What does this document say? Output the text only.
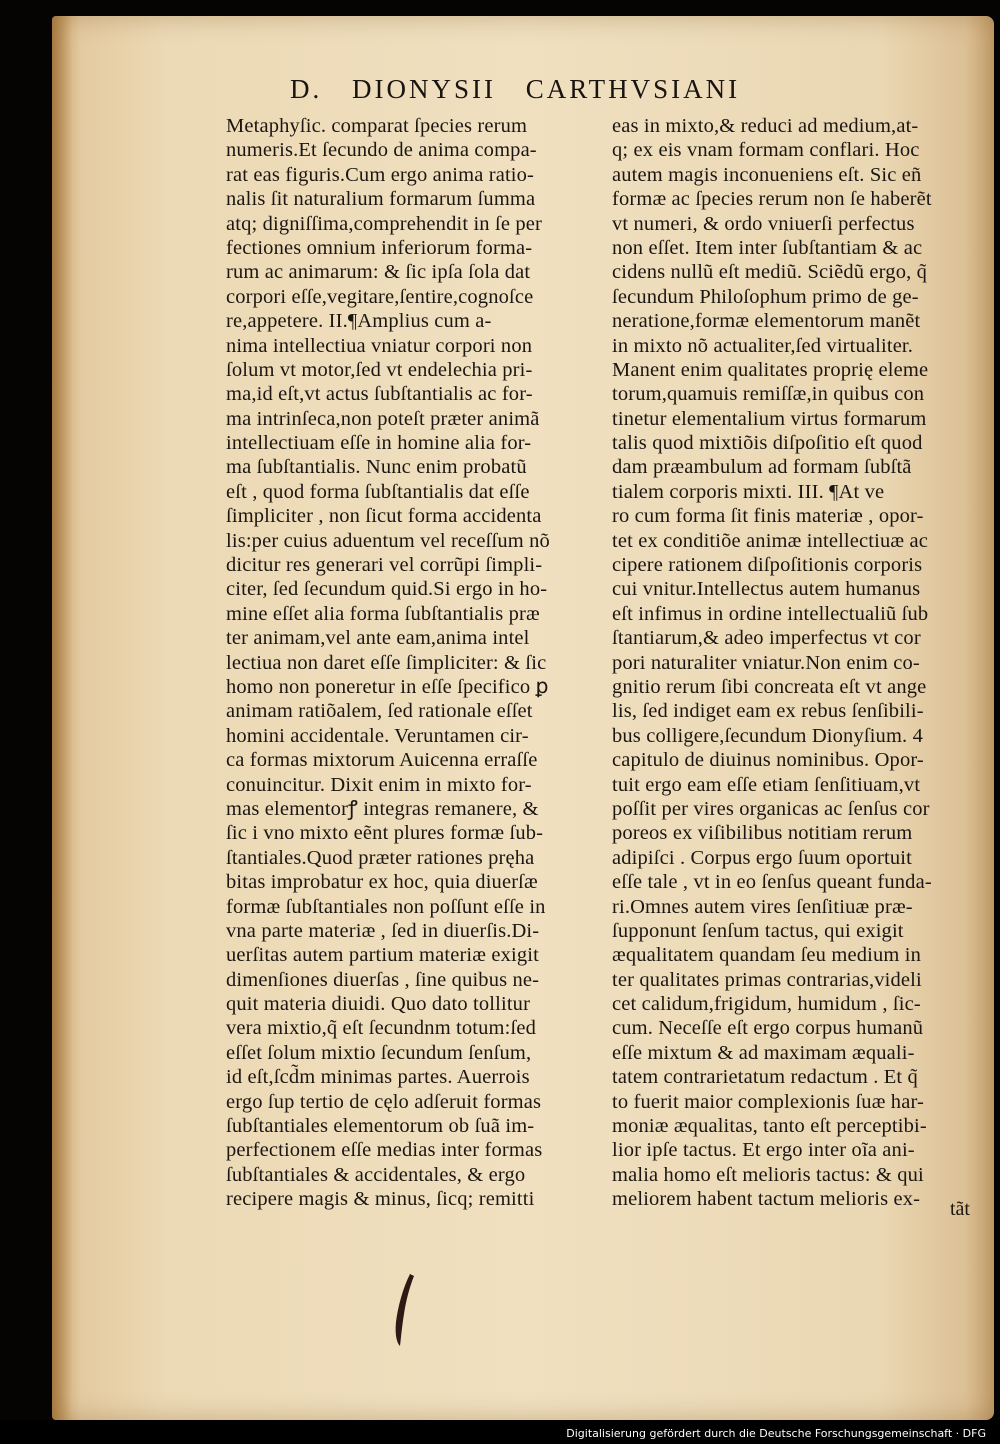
D. DIONYSII CARTHVSIANI
Metaphyſic. comparat ſpecies rerum
numeris.Et ſecundo de anima compa-
rat eas figuris.Cum ergo anima ratio-
nalis ſit naturalium formarum ſumma
atq; digniſſima,comprehendit in ſe per
fectiones omnium inferiorum forma-
rum ac animarum: & ſic ipſa ſola dat
corpori eſſe,vegitare,ſentire,cognoſce
re,appetere. II.¶Amplius cum a-
nima intellectiua vniatur corpori non
ſolum vt motor,ſed vt endelechia pri-
ma,id eſt,vt actus ſubſtantialis ac for-
ma intrinſeca,non poteſt præter animã
intellectiuam eſſe in homine alia for-
ma ſubſtantialis. Nunc enim probatũ
eſt , quod forma ſubſtantialis dat eſſe
ſimpliciter , non ſicut forma accidenta
lis:per cuius aduentum vel receſſum nõ
dicitur res generari vel corrũpi ſimpli-
citer, ſed ſecundum quid.Si ergo in ho-
mine eſſet alia forma ſubſtantialis præ
ter animam,vel ante eam,anima intel
lectiua non daret eſſe ſimpliciter: & ſic
homo non poneretur in eſſe ſpecifico ꝑ
animam ratiõalem, ſed rationale eſſet
homini accidentale. Veruntamen cir-
ca formas mixtorum Auicenna erraſſe
conuincitur. Dixit enim in mixto for-
mas elementorꝭ integras remanere, &
ſic i vno mixto eẽnt plures formæ ſub-
ſtantiales.Quod præter rationes pręha
bitas improbatur ex hoc, quia diuerſæ
formæ ſubſtantiales non poſſunt eſſe in
vna parte materiæ , ſed in diuerſis.Di-
uerſitas autem partium materiæ exigit
dimenſiones diuerſas , ſine quibus ne-
quit materia diuidi. Quo dato tollitur
vera mixtio,q̃ eſt ſecundnm totum:ſed
eſſet ſolum mixtio ſecundum ſenſum,
id eſt,ſcd̃m minimas partes. Auerrois
ergo ſup tertio de cęlo adſeruit formas
ſubſtantiales elementorum ob ſuã im-
perfectionem eſſe medias inter formas
ſubſtantiales & accidentales, & ergo
recipere magis & minus, ſicq; remitti
eas in mixto,& reduci ad medium,at-
q; ex eis vnam formam conflari. Hoc
autem magis inconueniens eſt. Sic eñ
formæ ac ſpecies rerum non ſe haberẽt
vt numeri, & ordo vniuerſi perfectus
non eſſet. Item inter ſubſtantiam & ac
cidens nullũ eſt mediũ. Sciẽdũ ergo, q̃
ſecundum Philoſophum primo de ge-
neratione,formæ elementorum manẽt
in mixto nõ actualiter,ſed virtualiter.
Manent enim qualitates proprię eleme
torum,quamuis remiſſæ,in quibus con
tinetur elementalium virtus formarum
talis quod mixtiõis diſpoſitio eſt quod
dam præambulum ad formam ſubſtã
tialem corporis mixti. III. ¶At ve
ro cum forma ſit finis materiæ , opor-
tet ex conditiõe animæ intellectiuæ ac
cipere rationem diſpoſitionis corporis
cui vnitur.Intellectus autem humanus
eſt infimus in ordine intellectualiũ ſub
ſtantiarum,& adeo imperfectus vt cor
pori naturaliter vniatur.Non enim co-
gnitio rerum ſibi concreata eſt vt ange
lis, ſed indiget eam ex rebus ſenſibili-
bus colligere,ſecundum Dionyſium. 4
capitulo de diuinus nominibus. Opor-
tuit ergo eam eſſe etiam ſenſitiuam,vt
poſſit per vires organicas ac ſenſus cor
poreos ex viſibilibus notitiam rerum
adipiſci . Corpus ergo ſuum oportuit
eſſe tale , vt in eo ſenſus queant funda-
ri.Omnes autem vires ſenſitiuæ præ-
ſupponunt ſenſum tactus, qui exigit
æqualitatem quandam ſeu medium in
ter qualitates primas contrarias,videli
cet calidum,frigidum, humidum , ſic-
cum. Neceſſe eſt ergo corpus humanũ
eſſe mixtum & ad maximam æquali-
tatem contrarietatum redactum . Et q̃
to fuerit maior complexionis ſuæ har-
moniæ æqualitas, tanto eſt perceptibi-
lior ipſe tactus. Et ergo inter oĩa ani-
malia homo eſt melioris tactus: & qui
meliorem habent tactum melioris ex-	tãt
Digitalisierung gefördert durch die Deutsche Forschungsgemeinschaft · DFG
